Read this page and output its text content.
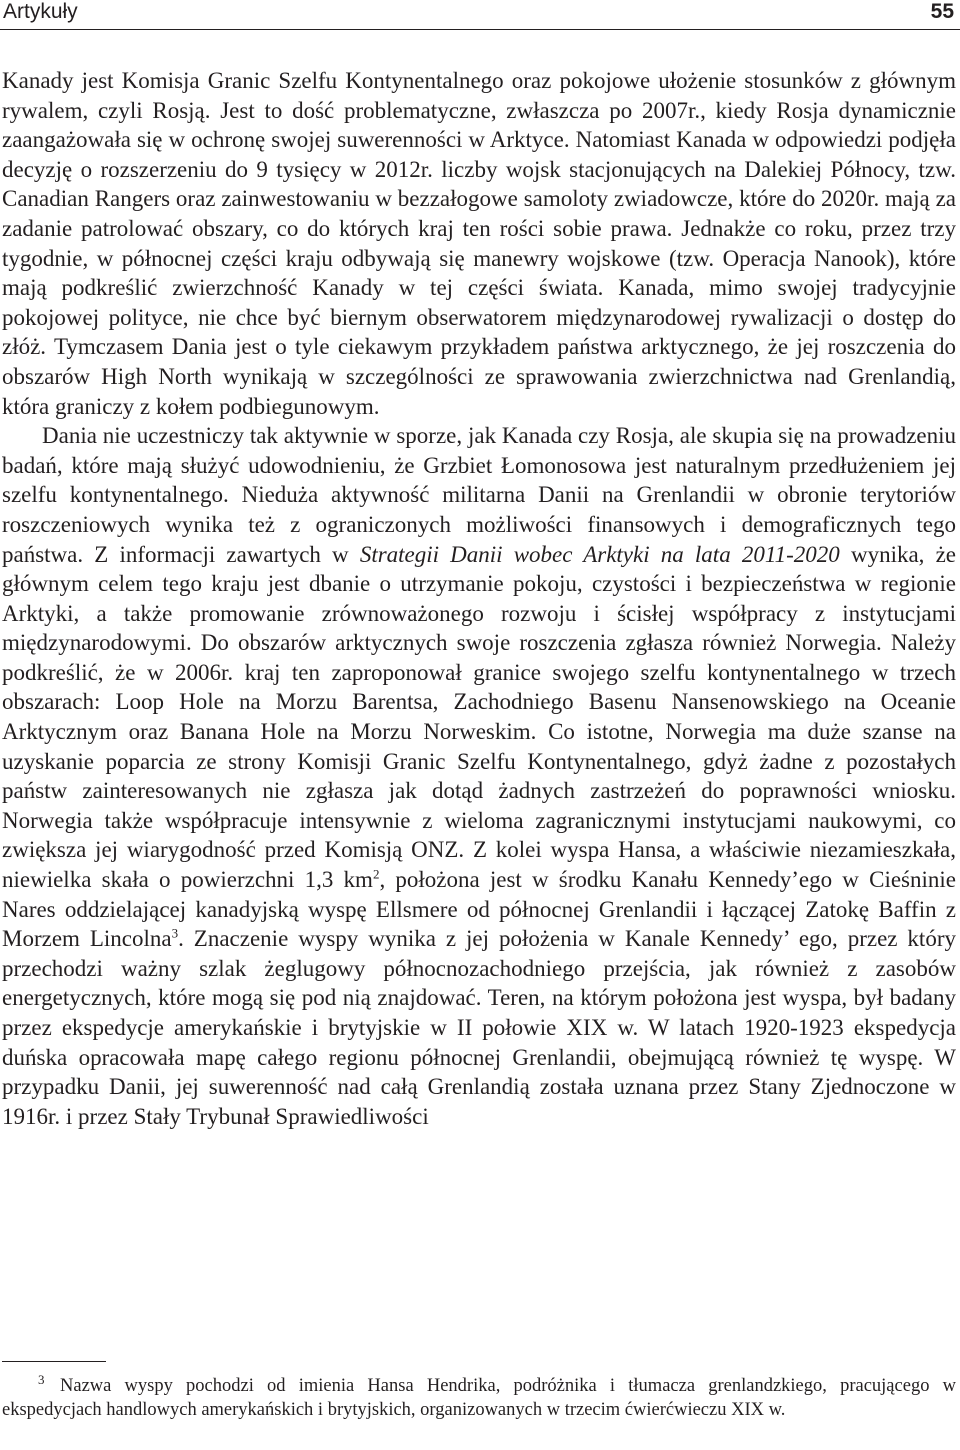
Artykuły	55

Kanady jest Komisja Granic Szelfu Kontynentalnego oraz pokojowe ułożenie stosunków z głównym rywalem, czyli Rosją. Jest to dość problematyczne, zwłaszcza po 2007r., kiedy Rosja dynamicznie zaangażowała się w ochronę swojej suwerenności w Arktyce. Natomiast Kanada w odpowiedzi podjęła decyzję o rozszerzeniu do 9 tysięcy w 2012r. liczby wojsk stacjonujących na Dalekiej Północy, tzw. Canadian Rangers oraz zainwestowaniu w bezzałogowe samoloty zwiadowcze, które do 2020r. mają za zadanie patrolować obszary, co do których kraj ten rości sobie prawa. Jednakże co roku, przez trzy tygodnie, w północnej części kraju odbywają się manewry wojskowe (tzw. Operacja Nanook), które mają podkreślić zwierzchność Kanady w tej części świata. Kanada, mimo swojej tradycyjnie pokojowej polityce, nie chce być biernym obserwatorem międzynarodowej rywalizacji o dostęp do złóż. Tymczasem Dania jest o tyle ciekawym przykładem państwa arktycznego, że jej roszczenia do obszarów High North wynikają w szczególności ze sprawowania zwierzchnictwa nad Grenlandią, która graniczy z kołem podbiegunowym.

Dania nie uczestniczy tak aktywnie w sporze, jak Kanada czy Rosja, ale skupia się na prowadzeniu badań, które mają służyć udowodnieniu, że Grzbiet Łomonosowa jest naturalnym przedłużeniem jej szelfu kontynentalnego. Nieduża aktywność militarna Danii na Grenlandii w obronie terytoriów roszczeniowych wynika też z ograniczonych możliwości finansowych i demograficznych tego państwa. Z informacji zawartych w Strategii Danii wobec Arktyki na lata 2011-2020 wynika, że głównym celem tego kraju jest dbanie o utrzymanie pokoju, czystości i bezpieczeństwa w regionie Arktyki, a także promowanie zrównoważonego rozwoju i ścisłej współpracy z instytucjami międzynarodowymi. Do obszarów arktycznych swoje roszczenia zgłasza również Norwegia. Należy podkreślić, że w 2006r. kraj ten zaproponował granice swojego szelfu kontynentalnego w trzech obszarach: Loop Hole na Morzu Barentsa, Zachodniego Basenu Nansenowskiego na Oceanie Arktycznym oraz Banana Hole na Morzu Norweskim. Co istotne, Norwegia ma duże szanse na uzyskanie poparcia ze strony Komisji Granic Szelfu Kontynentalnego, gdyż żadne z pozostałych państw zainteresowanych nie zgłasza jak dotąd żadnych zastrzeżeń do poprawności wniosku. Norwegia także współpracuje intensywnie z wieloma zagranicznymi instytucjami naukowymi, co zwiększa jej wiarygodność przed Komisją ONZ. Z kolei wyspa Hansa, a właściwie niezamieszkała, niewielka skała o powierzchni 1,3 $km^2$, położona jest w środku Kanału Kennedy’ego w Cieśninie Nares oddzielającej kanadyjską wyspę Ellsmere od północnej Grenlandii i łączącej Zatokę Baffin z Morzem Lincolna$^3$. Znaczenie wyspy wynika z jej położenia w Kanale Kennedy’ ego, przez który przechodzi ważny szlak żeglugowy północnozachodniego przejścia, jak również z zasobów energetycznych, które mogą się pod nią znajdować. Teren, na którym położona jest wyspa, był badany przez ekspedycje amerykańskie i brytyjskie w II połowie XIX w. W latach 1920-1923 ekspedycja duńska opracowała mapę całego regionu północnej Grenlandii, obejmującą również tę wyspę. W przypadku Danii, jej suwerenność nad całą Grenlandią została uznana przez Stany Zjednoczone w 1916r. i przez Stały Trybunał Sprawiedliwości

3 Nazwa wyspy pochodzi od imienia Hansa Hendrika, podróżnika i tłumacza grenlandzkiego, pracującego w ekspedycjach handlowych amerykańskich i brytyjskich, organizowanych w trzecim ćwierćwieczu XIX w.
